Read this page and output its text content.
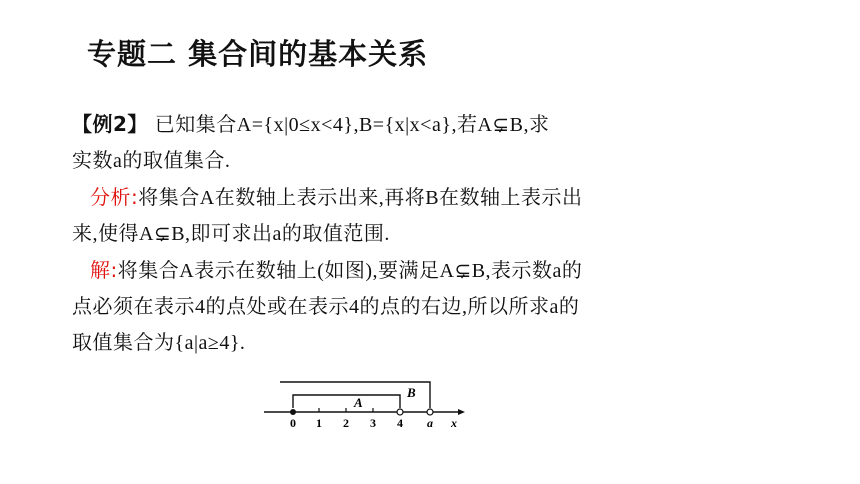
专题二 集合间的基本关系
【例2】 已知集合A={x|0≤x<4},B={x|x<a},若A⊊B,求
实数a的取值集合.
分析:将集合A在数轴上表示出来,再将B在数轴上表示出
来,使得A⊊B,即可求出a的取值范围.
解:将集合A表示在数轴上(如图),要满足A⊊B,表示数a的
点必须在表示4的点处或在表示4的点的右边,所以所求a的
取值集合为{a|a≥4}.
A
B
0 1 2 3 4 a x
